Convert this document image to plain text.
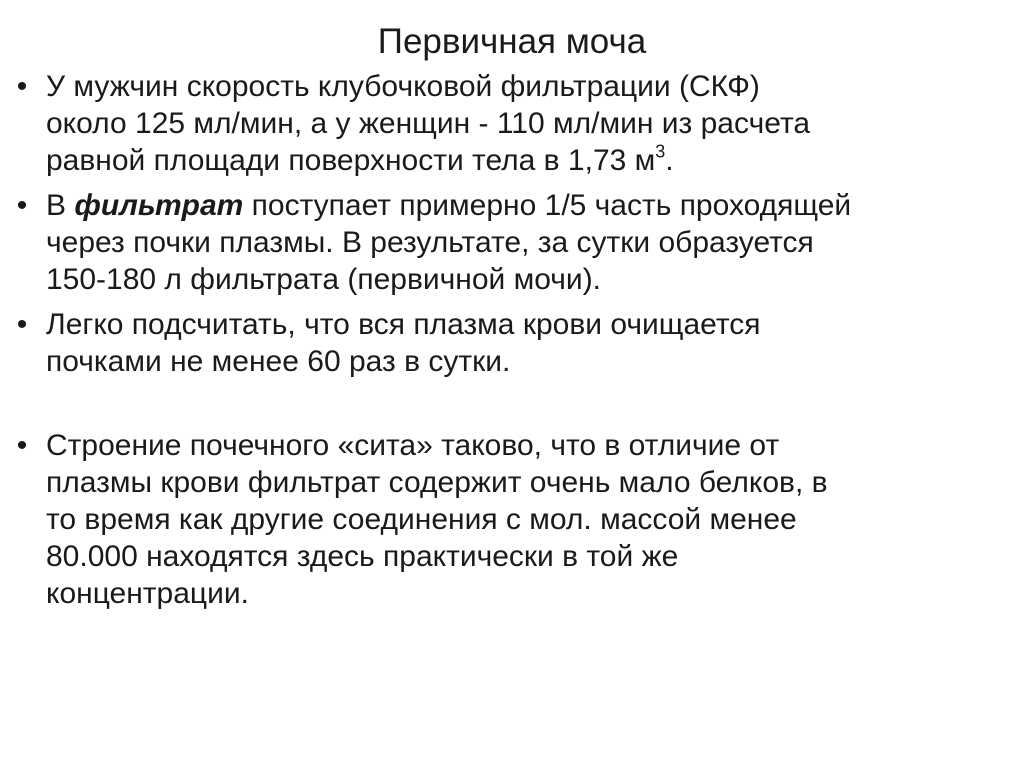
Первичная моча
• У мужчин скорость клубочковой фильтрации (СКФ)
около 125 мл/мин, а у женщин - 110 мл/мин из расчета
равной площади поверхности тела в 1,73 $м^3$.
• В фильтрат поступает примерно 1/5 часть проходящей
через почки плазмы. В результате, за сутки образуется
150-180 л фильтрата (первичной мочи).
• Легко подсчитать, что вся плазма крови очищается
почками не менее 60 раз в сутки.
• Строение почечного «сита» таково, что в отличие от
плазмы крови фильтрат содержит очень мало белков, в
то время как другие соединения с мол. массой менее
80.000 находятся здесь практически в той же
концентрации.
